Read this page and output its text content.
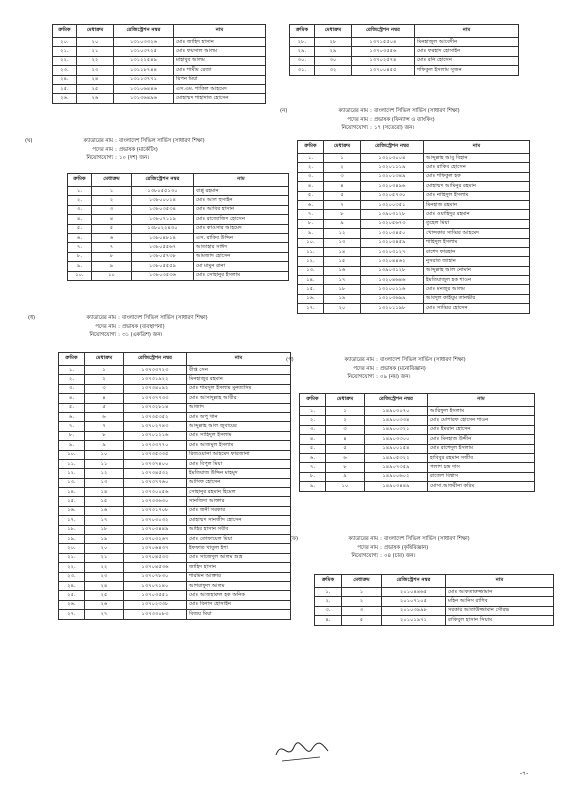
ক্রমিক	মেধাক্রম	রেজিস্ট্রেশন নম্বর	নাম
২০.	২০	১৩১০৩৩২৬	মোঃ জাহিদ হাসান
২১.	২১	১৩১০৩৭২৫	মোঃ ফয়সাল আলম
২২.	২২	১৩১২২৫৪৯	মাহাবুব আলম
২৩.	২৩	১৩১১৮৭৪৪	মোঃ শামীম রেজা
২৪.	২৪	১৩১১৩৭৭১	রিপন মিয়া
২৫.	২৫	১৩১০৬৪৪৬	এস.এম. শাকিল আহমেদ
২৬.	২৬	১৩১৩৬৪৯৬	মোহাম্মদ শাহাদাত হোসেন
ক্রমিক	মেধাক্রম	রেজিস্ট্রেশন নম্বর	নাম
২৮.	২৮	১৩৭১৫৫০৪	মিনহাজুল আবেদীন
২৯.	২৯	১৩৭০৩৫৫৬	মোঃ ফরহাদ হোসাইন
৩০.	৩০	১৩৭০২৫৭৪	মোঃ রনি হোসেন
৩১.	৩২	১৩৭০০৪৫৫	শফিকুল ইসলাম সুজন
ক্রমিক	মেধাক্রম	রেজিস্ট্রেশন নম্বর	নাম
১.	১	১৩২০৩০০৪	আব্দুল্লাহ আবু বিহান
২.	২	১৩২০১১১৯	মোঃ রাকিব হোসেন
৩.	৩	১৩২০১৩৪৯	মোঃ শফিকুল হক
৪.	৪	১৩২০৩৪৯৬	মোহাম্মদ আমিনুর রহমান
৫.	৫	১৩২০৫৭৩০	মোঃ নাহিদুল ইসলাম
৬.	৭	১৩২০০৩৫১	মিনহাজ রহমান
৭.	৮	১৩৯০৩১২৮	মোঃ ওয়াহিদুর রহমান
৮.	৯	১৩২০৫৬৭৩	তুহেল মিয়া
৯.	১২	১৩২০৩৪৫০	খোন্দকার সাব্বির আহমেদ
১০.	১৩	১৩২০৩৪৫৯	শাহিদুল ইসলাম
১১.	১৪	১৩২০৩১২৭	রাশেদ ফারহান
১২.	১৫	১৩২০৪৪৬২	নুসরাত জাহান
১৩.	১৬	১৩৯০৩১২৮	আব্দুল্লাহ আল নোমান
১৪.	১৭	১৩২০৪৬৪৬	ইমতিয়াজুল হক শাওন
১৫.	১৮	১৩২০০১১৬	মোঃ মনজুর আলম
১৬.	১৯	১৩২০৩৬৯৯	আবদুল কাইয়ুম তানভীর
১৭.	২০	১৩২০১১৯৮	মোঃ সাব্বির হোসেন
ক্রমিক	মেধাক্রম	রেজিস্ট্রেশন নম্বর	নাম
১.	১	১৩৮০৫৫১৩০	বাপ্পু রহমান
২.	২	১৩৮০০০১৪	মোঃ আল হুসাইন
৩.	৩	১৩৮০৩৫৩৪	মোঃ আবির হাসান
৪.	৪	১৩৮০৭১১৯	মোঃ রাজোজিদ হোসেন
৫.	৫	১৩৮০২২৪৩০	মোঃ কাওসার আহমেদ
৬.	৬	১৩৮০৪৮১৪	এস. রাকিব উদ্দিন
৭.	৭	১৩৮০৫৫৬৭	আতাহার সাঈদ
৮.	৮	১৩৮০৫৭৩৮	আমজাদ হোসেন
৯.	৯	১৩৮০৫৫৫৯	মো মামুন রানা
১০.	১০	১৩৮০৩৫৩৬	মোঃ সোহানুর ইসলাম
ক্রমিক	মেধাক্রম	রেজিস্ট্রেশন নম্বর	নাম
১.	১	১৩৭৩৩৭২৩	বীপ্ত সেন
২.	২	১৩৭৩১৯২২	মিনহাজুর রহমান
৩.	৩	১৩৭৩৪০৯২	মোঃ শামসুল ইসলাম মুনতাসিম
৪.	৪	১৩৭৩৭৭৩৩	মোঃ আসাদুল্লাহ আবীর
৫.	৫	১৩৭৩২৮১৪	আজাদ
৬.	৬	১৩৭৩৫৩৫২	মোঃ অপু খান
৭.	৭	১৩৭০২৭৪৩	আব্দুল্লাহ আল জুবায়ের
৮.	৮	১৩৭০১২১৬	মোঃ সাহিদুল ইসলাম
৯.	৯	১৩৭৩৩৭৭০	মোঃ আজমুল ইসলাম
১০.	১০	১৩৭৩৫৩৩৫	রিজওয়ানা আহমেদ ফারজানা
১১.	১১	১৩৭৩৭৪০০	মোঃ বিপুল মিয়া
১২.	১২	১৩৭৩৪৫৩২	ইমতিয়াজ উদ্দিন মাহমুদ
১৩.	১৩	১৩৭৩৭৭৬০	আসিফ হোসেন
১৪.	১৪	১৩৭৩০০৫৬	সোহানুর রহমান হিমেল
১৫.	১৫	১৩৭৩৩৬৩০	সানজিদা আক্তার
১৬.	১৬	১৩৭৩১৭০৮	মোঃ জনী সরকার
১৭.	১৭	১৩৭০৩০৩২	মোহাম্মদ সানজীদ হোসেন
১৮.	১৮	১৩৭০৩৪৪৯	আহির হাসান সবীব
১৯.	১৯	১৩৭০৩২৬৭	মোঃ তোফায়েল মিয়া
২০.	২০	১৩৭০৬৪৩৭	ইফফাত খাতুল ইশা
২১.	২১	১৩৭০৪৫৩৩	মোঃ সাজেদুল আলম শুভ্র
২২.	২২	১৩৭০৪৫৩৬	জাহিদ হাসান
২৩.	২৩	১৩৭০৭৮৩০	শারমিন আক্তার
২৪.	২৪	১৩৭০৭১৪০	আশরাফুল আলম
২৫.	২৫	১৩৭০৩৫৫১	মোঃ আজহারুল হক অনিক
২৬.	২৬	১৩৭০২৩৩৮	মোঃ বিনাস হোসাইন
২৭.	২৭	১৩৭৩৩০৮৩	বিজয় মিয়া
ক্রমিক	মেধাক্রম	রেজিস্ট্রেশন নম্বর	নাম
১.	১	১৪৯০৩০৭০	আরিফুল ইসলাম
২.	২	১৪৯০০৩৩৪	মোঃ মোশারফ হোসেন শাওন
৩.	৩	১৪৯০০৩২১	মোঃ ইমরান হোসেন
৪.	৪	১৪৯০৩৩০০	মোঃ মিনহাজ উদ্দীন
৫.	৫	১৪৯০০১৫৪	মোঃ রাশেদুল ইসলাম
৬.	৬	১৪৯০৫৩২২	হাবিবুর রহমান সজীব
৭.	৮	১৪৯০৭৩৫৯	পলাশ চন্দ্র দাস
৮.	৯	১৪৯০০৬০২	রাজেশ বিশ্বাস
৯.	১০	১৪৯০৩৪৪৯	মোসা.আফরীনা করিম
ক্রমিক	মেধাক্রম	রেজিস্ট্রেশন নম্বর	নাম
১.	১	২০১০৪৪৬৫	মোঃ আকতারুজ্জামান
২.	২	২০১০৭১০৫	মহিন আনিস রাগিব
৩.	৩	২০১০৩৯৯৮	সরকার আতাউজ্জামান সৌরভ
৪.	৫	২০১০১৯৭১	রাকিবুল হাসান সিয়াম
(ন)	ক্যাডারের নাম : বাংলাদেশ সিভিল সার্ভিস (সাধারণ শিক্ষা)
পদের নাম : প্রভাষক (ফিন্যান্স ও ব্যাংকিং)
নিয়োগযোগ্য : ১৭ (সতেরো) জন।
(ঘ)	ক্যাডারের নাম : বাংলাদেশ সিভিল সার্ভিস (সাধারণ শিক্ষা)
পদের নাম : প্রভাষক (মার্কেটিং)
নিয়োগযোগ্য : ১০ (দশ) জন।
(ধ)	ক্যাডারের নাম : বাংলাদেশ সিভিল সার্ভিস (সাধারণ শিক্ষা)
পদের নাম : প্রভাষক (ব্যবস্থাপনা)
নিয়োগযোগ্য : ৩১ (একত্রিশ) জন।
(প)	ক্যাডারের নাম : বাংলাদেশ সিভিল সার্ভিস (সাধারণ শিক্ষা)
পদের নাম : প্রভাষক (মনোবিজ্ঞান)
নিয়োগযোগ্য : ০৯ (নয়) জন।
(ফ)	ক্যাডারের নাম : বাংলাদেশ সিভিল সার্ভিস (সাধারণ শিক্ষা)
পদের নাম : প্রভাষক (কৃষিবিজ্ঞান)
নিয়োগযোগ্য : ০৪ (চার) জন।
-৭-
